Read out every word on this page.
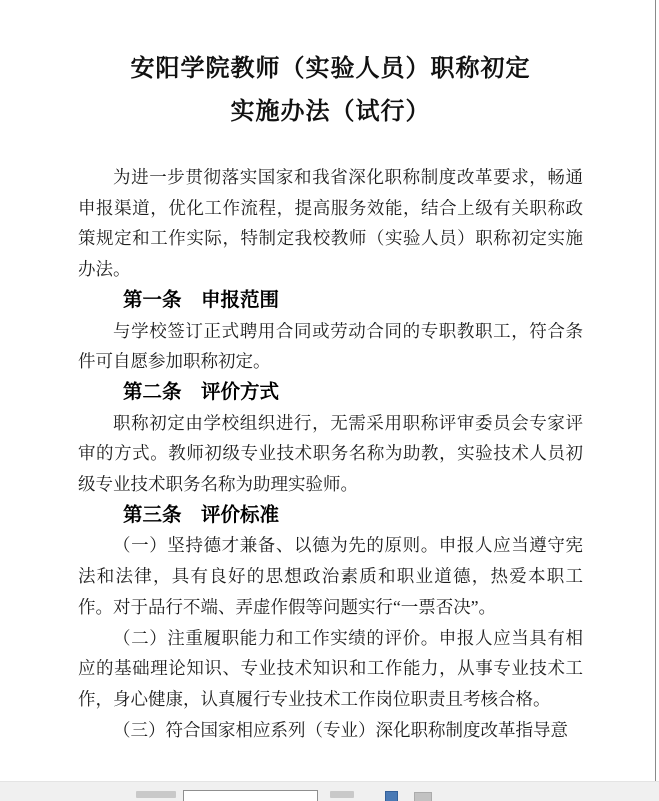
安阳学院教师（实验人员）职称初定
实施办法（试行）
为进一步贯彻落实国家和我省深化职称制度改革要求，畅通申报渠道，优化工作流程，提高服务效能，结合上级有关职称政策规定和工作实际，特制定我校教师（实验人员）职称初定实施办法。
第一条　申报范围
与学校签订正式聘用合同或劳动合同的专职教职工，符合条件可自愿参加职称初定。
第二条　评价方式
职称初定由学校组织进行，无需采用职称评审委员会专家评审的方式。教师初级专业技术职务名称为助教，实验技术人员初级专业技术职务名称为助理实验师。
第三条　评价标准
（一）坚持德才兼备、以德为先的原则。申报人应当遵守宪法和法律，具有良好的思想政治素质和职业道德，热爱本职工作。对于品行不端、弄虚作假等问题实行“一票否决”。
（二）注重履职能力和工作实绩的评价。申报人应当具有相应的基础理论知识、专业技术知识和工作能力，从事专业技术工作，身心健康，认真履行专业技术工作岗位职责且考核合格。
（三）符合国家相应系列（专业）深化职称制度改革指导意
